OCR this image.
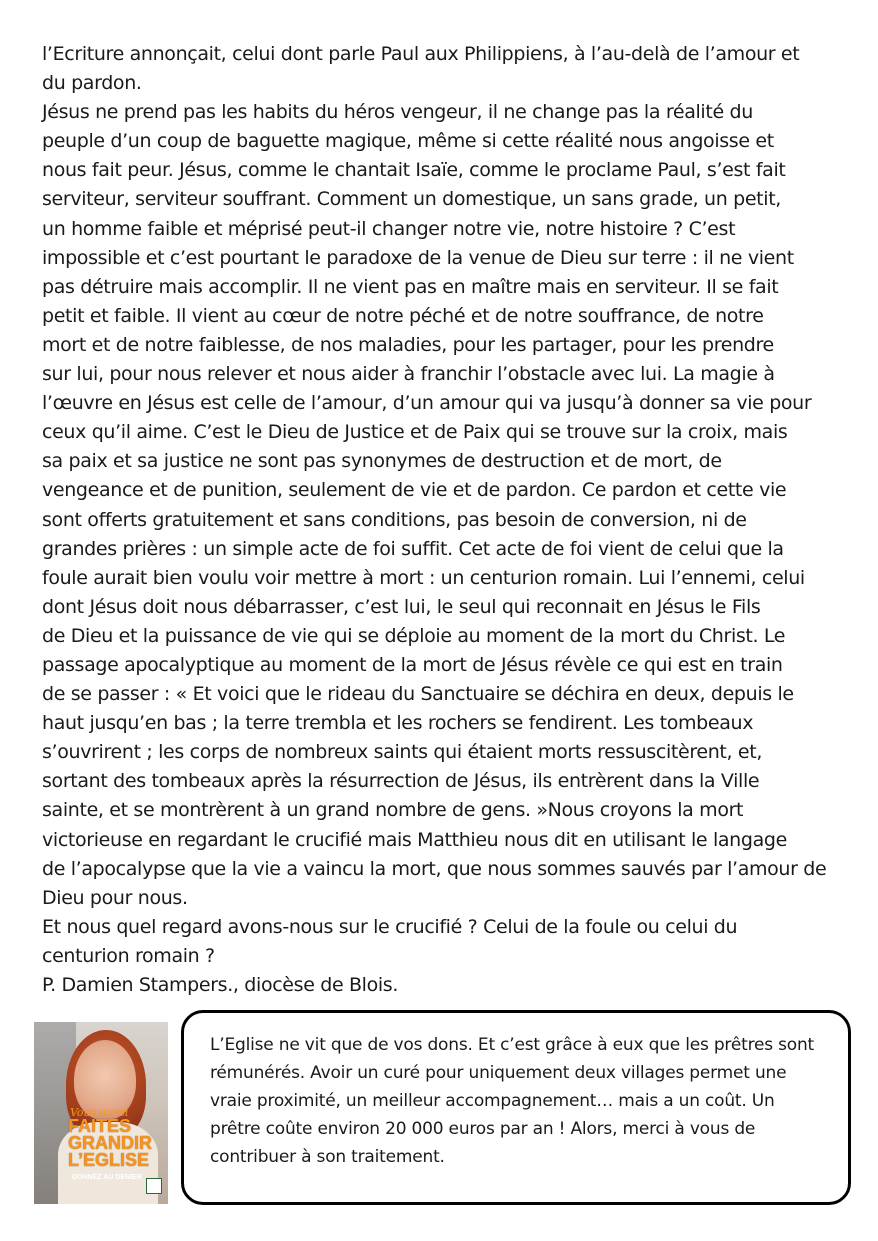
l’Ecriture annonçait, celui dont parle Paul aux Philippiens, à l’au-delà de l’amour et
du pardon.
Jésus ne prend pas les habits du héros vengeur, il ne change pas la réalité du
peuple d’un coup de baguette magique, même si cette réalité nous angoisse et
nous fait peur. Jésus, comme le chantait Isaïe, comme le proclame Paul, s’est fait
serviteur, serviteur souffrant. Comment un domestique, un sans grade, un petit,
un homme faible et méprisé peut-il changer notre vie, notre histoire ? C’est
impossible et c’est pourtant le paradoxe de la venue de Dieu sur terre : il ne vient
pas détruire mais accomplir. Il ne vient pas en maître mais en serviteur. Il se fait
petit et faible. Il vient au cœur de notre péché et de notre souffrance, de notre
mort et de notre faiblesse, de nos maladies, pour les partager, pour les prendre
sur lui, pour nous relever et nous aider à franchir l’obstacle avec lui. La magie à
l’œuvre en Jésus est celle de l’amour, d’un amour qui va jusqu’à donner sa vie pour
ceux qu’il aime. C’est le Dieu de Justice et de Paix qui se trouve sur la croix, mais
sa paix et sa justice ne sont pas synonymes de destruction et de mort, de
vengeance et de punition, seulement de vie et de pardon. Ce pardon et cette vie
sont offerts gratuitement et sans conditions, pas besoin de conversion, ni de
grandes prières : un simple acte de foi suffit. Cet acte de foi vient de celui que la
foule aurait bien voulu voir mettre à mort : un centurion romain. Lui l’ennemi, celui
dont Jésus doit nous débarrasser, c’est lui, le seul qui reconnait en Jésus le Fils
de Dieu et la puissance de vie qui se déploie au moment de la mort du Christ. Le
passage apocalyptique au moment de la mort de Jésus révèle ce qui est en train
de se passer : « Et voici que le rideau du Sanctuaire se déchira en deux, depuis le
haut jusqu’en bas ; la terre trembla et les rochers se fendirent. Les tombeaux
s’ouvrirent ; les corps de nombreux saints qui étaient morts ressuscitèrent, et,
sortant des tombeaux après la résurrection de Jésus, ils entrèrent dans la Ville
sainte, et se montrèrent à un grand nombre de gens. »Nous croyons la mort
victorieuse en regardant le crucifié mais Matthieu nous dit en utilisant le langage
de l’apocalypse que la vie a vaincu la mort, que nous sommes sauvés par l’amour de
Dieu pour nous.
Et nous quel regard avons-nous sur le crucifié ? Celui de la foule ou celui du
centurion romain ?
P. Damien Stampers., diocèse de Blois.
Vous aussi
FAITES
GRANDIR
L’EGLISE
DONNEZ AU DENIER
L’Eglise ne vit que de vos dons. Et c’est grâce à eux que les prêtres sont
rémunérés. Avoir un curé pour uniquement deux villages permet une
vraie proximité, un meilleur accompagnement… mais a un coût. Un
prêtre coûte environ 20 000 euros par an ! Alors, merci à vous de
contribuer à son traitement.
